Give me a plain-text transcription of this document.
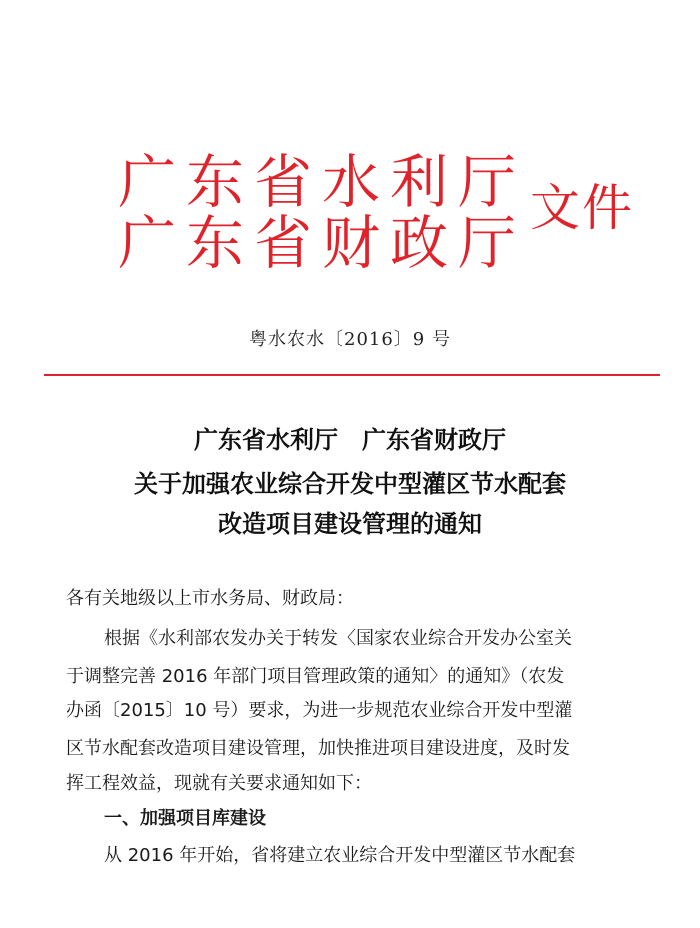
广东省水利厅
广东省财政厅
文件
粤水农水〔2016〕9 号
广东省水利厅　广东省财政厅
关于加强农业综合开发中型灌区节水配套
改造项目建设管理的通知
各有关地级以上市水务局、财政局：
根据《水利部农发办关于转发〈国家农业综合开发办公室关
于调整完善 2016 年部门项目管理政策的通知〉的通知》（农发
办函〔2015〕10 号）要求，为进一步规范农业综合开发中型灌
区节水配套改造项目建设管理，加快推进项目建设进度，及时发
挥工程效益，现就有关要求通知如下：
一、加强项目库建设
从 2016 年开始，省将建立农业综合开发中型灌区节水配套
